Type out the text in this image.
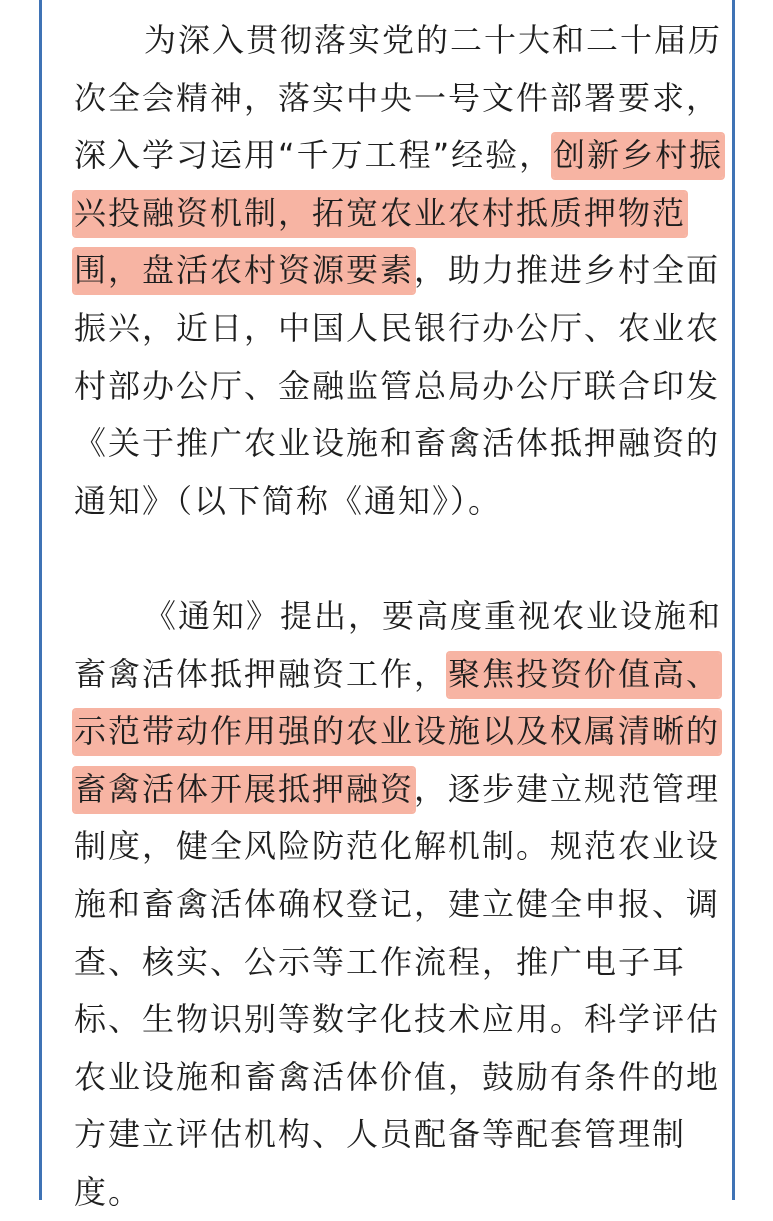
为深入贯彻落实党的二十大和二十届历
次全会精神，落实中央一号文件部署要求，
深入学习运用“千万工程”经验，创新乡村振
兴投融资机制，拓宽农业农村抵质押物范
围，盘活农村资源要素，助力推进乡村全面
振兴，近日，中国人民银行办公厅、农业农
村部办公厅、金融监管总局办公厅联合印发
《关于推广农业设施和畜禽活体抵押融资的
通知》（以下简称《通知》）。
《通知》提出，要高度重视农业设施和
畜禽活体抵押融资工作，聚焦投资价值高、
示范带动作用强的农业设施以及权属清晰的
畜禽活体开展抵押融资，逐步建立规范管理
制度，健全风险防范化解机制。规范农业设
施和畜禽活体确权登记，建立健全申报、调
查、核实、公示等工作流程，推广电子耳
标、生物识别等数字化技术应用。科学评估
农业设施和畜禽活体价值，鼓励有条件的地
方建立评估机构、人员配备等配套管理制
度。
